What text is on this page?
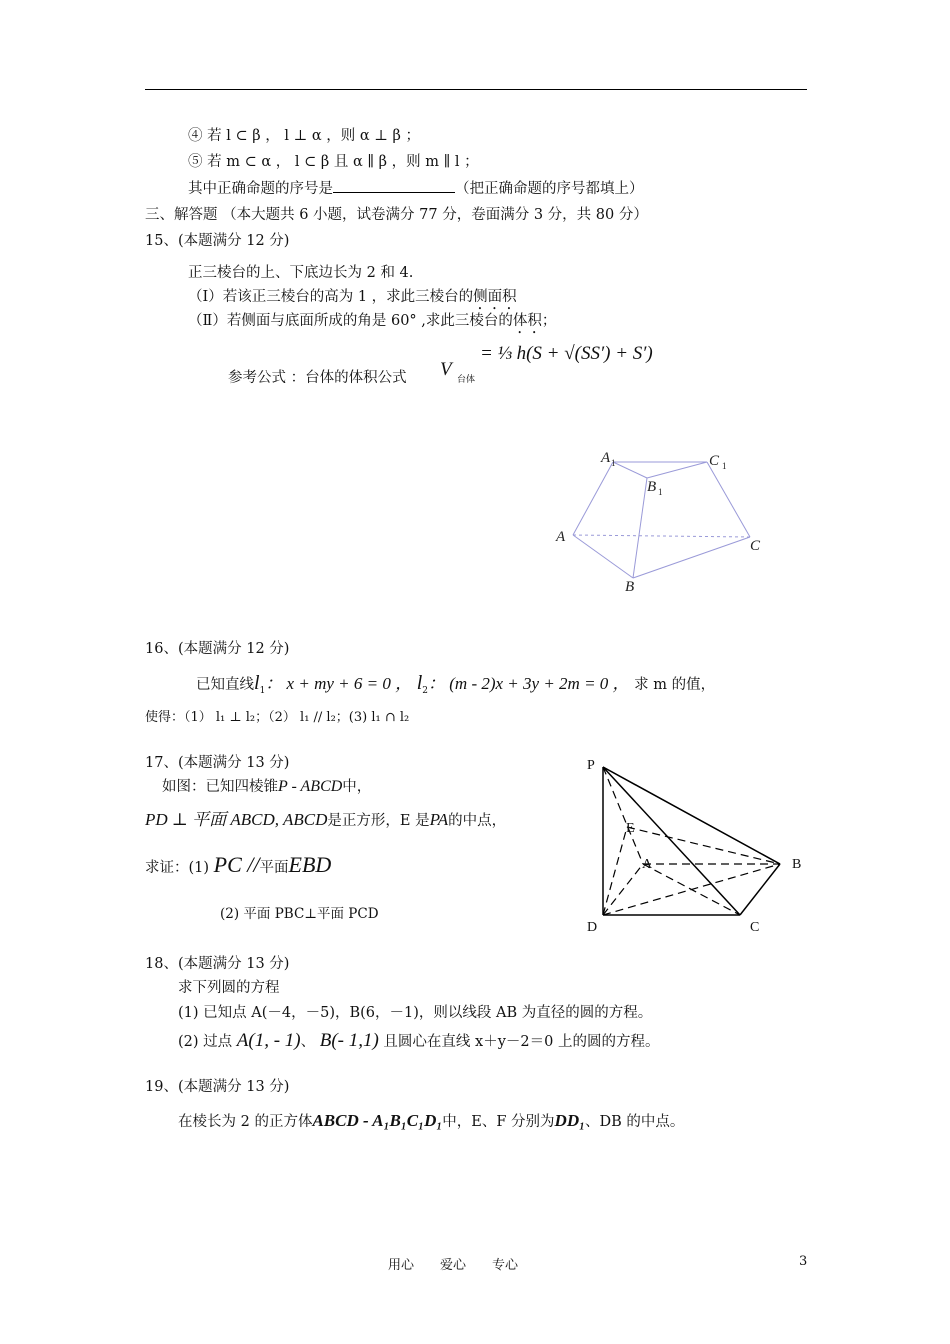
④ 若 l ⊂ β ， l ⊥ α ，则 α ⊥ β ；
⑤ 若 m ⊂ α ， l ⊂ β 且 α ∥ β ，则 m ∥ l ；
其中正确命题的序号是	（把正确命题的序号都填上）
三、解答题 （本大题共 6 小题，试卷满分 77 分，卷面满分 3 分，共 80 分）
15、(本题满分 12 分)
正三棱台的上、下底边长为 2 和 4.
（Ⅰ）若该正三棱台的高为 1 ，求此三棱台的侧面积
（Ⅱ）若侧面与底面所成的角是 60° ,求此三棱台的体积；
参考公式 ：台体的体积公式 V 台体
= ⅓ h(S + √(SS′) + S′)
A 1	C 1
B 1
A
C
B
16、(本题满分 12 分)
已知直线$l_1$： x + my + 6 = 0 ， $l_2$： (m - 2)x + 3y + 2m = 0 ， 求 m 的值，
使得：（1） l₁ ⊥ l₂；（2） l₁ // l₂；(3) l₁ ∩ l₂
17、(本题满分 13 分)
如图：已知四棱锥P - ABCD中，
PD ⊥ 平面 ABCD, ABCD是正方形，E 是PA的中点，
求证：(1) PC //平面EBD
(2) 平面 PBC⊥平面 PCD
P
E
A	B
D	C
18、(本题满分 13 分)
求下列圆的方程
(1) 已知点 A(－4，－5)，B(6，－1)，则以线段 AB 为直径的圆的方程。
(2) 过点 A(1, - 1)、 B(- 1,1) 且圆心在直线 x＋y－2＝0 上的圆的方程。
19、(本题满分 13 分)
在棱长为 2 的正方体ABCD - A₁B₁C₁D₁中，E、F 分别为DD₁、DB 的中点。
用心　　爱心　　专心	3
